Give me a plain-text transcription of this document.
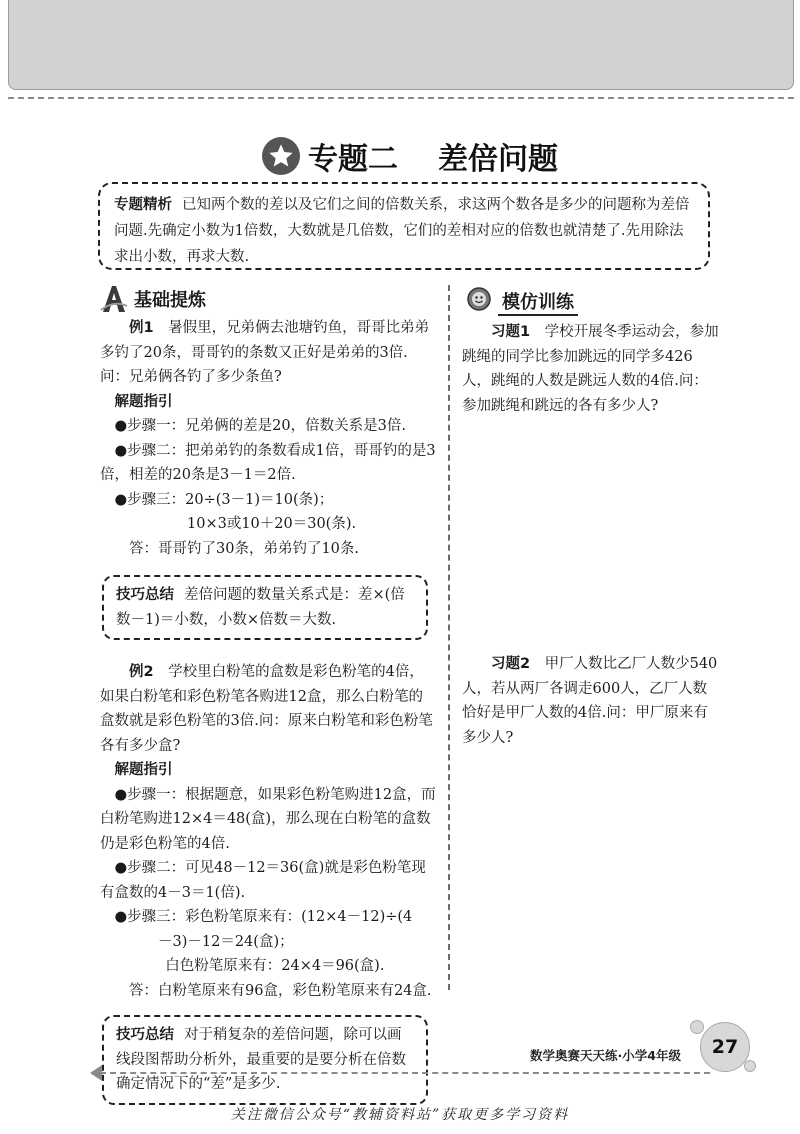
专题二 差倍问题
专题精析 已知两个数的差以及它们之间的倍数关系，求这两个数各是多少的问题称为差倍问题.先确定小数为1倍数，大数就是几倍数，它们的差相对应的倍数也就清楚了.先用除法求出小数，再求大数.
基础提炼	模仿训练

例1　 暑假里，兄弟俩去池塘钓鱼，哥哥比弟弟多钓了20条，哥哥钓的条数又正好是弟弟的3倍.问：兄弟俩各钓了多少条鱼?

解题指引

●步骤一：兄弟俩的差是20，倍数关系是3倍.

●步骤二：把弟弟钓的条数看成1倍，哥哥钓的是3倍，相差的20条是3－1＝2倍.

●步骤三：20÷(3－1)＝10(条)；

10×3或10＋20＝30(条).

答：哥哥钓了30条，弟弟钓了10条.

技巧总结 差倍问题的数量关系式是：差×(倍数－1)＝小数，小数×倍数＝大数.

例2　 学校里白粉笔的盒数是彩色粉笔的4倍，如果白粉笔和彩色粉笔各购进12盒，那么白粉笔的盒数就是彩色粉笔的3倍.问：原来白粉笔和彩色粉笔各有多少盒?

解题指引

●步骤一：根据题意，如果彩色粉笔购进12盒，而白粉笔购进12×4＝48(盒)，那么现在白粉笔的盒数仍是彩色粉笔的4倍.

●步骤二：可见48－12＝36(盒)就是彩色粉笔现有盒数的4－3＝1(倍).

●步骤三：彩色粉笔原来有：(12×4－12)÷(4

－3)－12＝24(盒)；

白色粉笔原来有：24×4＝96(盒).

答：白粉笔原来有96盒，彩色粉笔原来有24盒.

技巧总结 对于稍复杂的差倍问题，除可以画线段图帮助分析外，最重要的是要分析在倍数确定情况下的“差”是多少.

习题1　 学校开展冬季运动会，参加跳绳的同学比参加跳远的同学多426人，跳绳的人数是跳远人数的4倍.问：参加跳绳和跳远的各有多少人?

习题2　 甲厂人数比乙厂人数少540人，若从两厂各调走600人，乙厂人数恰好是甲厂人数的4倍.问：甲厂原来有多少人?

数学奥赛天天练·小学4年级	27
关注微信公众号“教辅资料站”获取更多学习资料
